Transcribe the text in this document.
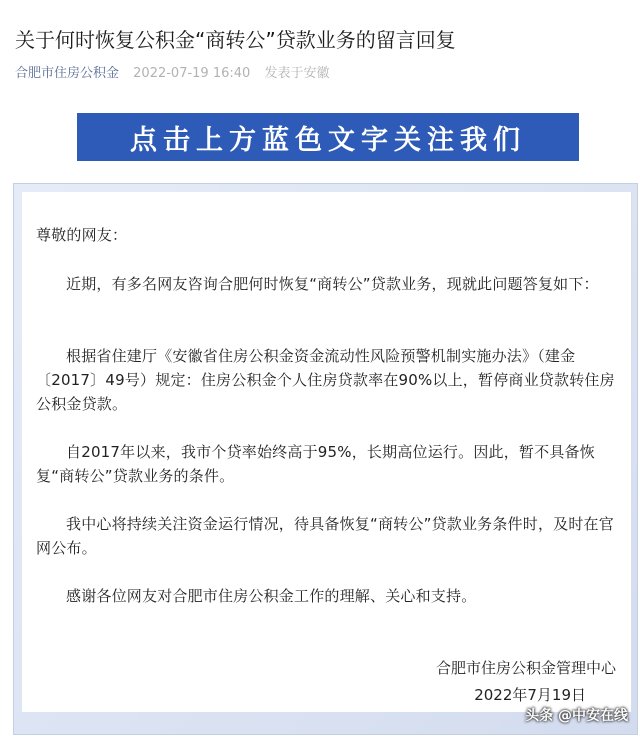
关于何时恢复公积金“商转公”贷款业务的留言回复
合肥市住房公积金 2022-07-19 16:40 发表于安徽
点击上方蓝色文字关注我们

尊敬的网友：

近期，有多名网友咨询合肥何时恢复“商转公”贷款业务，现就此问题答复如下：

根据省住建厅《安徽省住房公积金资金流动性风险预警机制实施办法》（建金〔2017〕49号）规定：住房公积金个人住房贷款率在90%以上，暂停商业贷款转住房公积金贷款。

自2017年以来，我市个贷率始终高于95%，长期高位运行。因此，暂不具备恢复“商转公”贷款业务的条件。

我中心将持续关注资金运行情况，待具备恢复“商转公”贷款业务条件时，及时在官网公布。

感谢各位网友对合肥市住房公积金工作的理解、关心和支持。

合肥市住房公积金管理中心
2022年7月19日
头条 @中安在线
